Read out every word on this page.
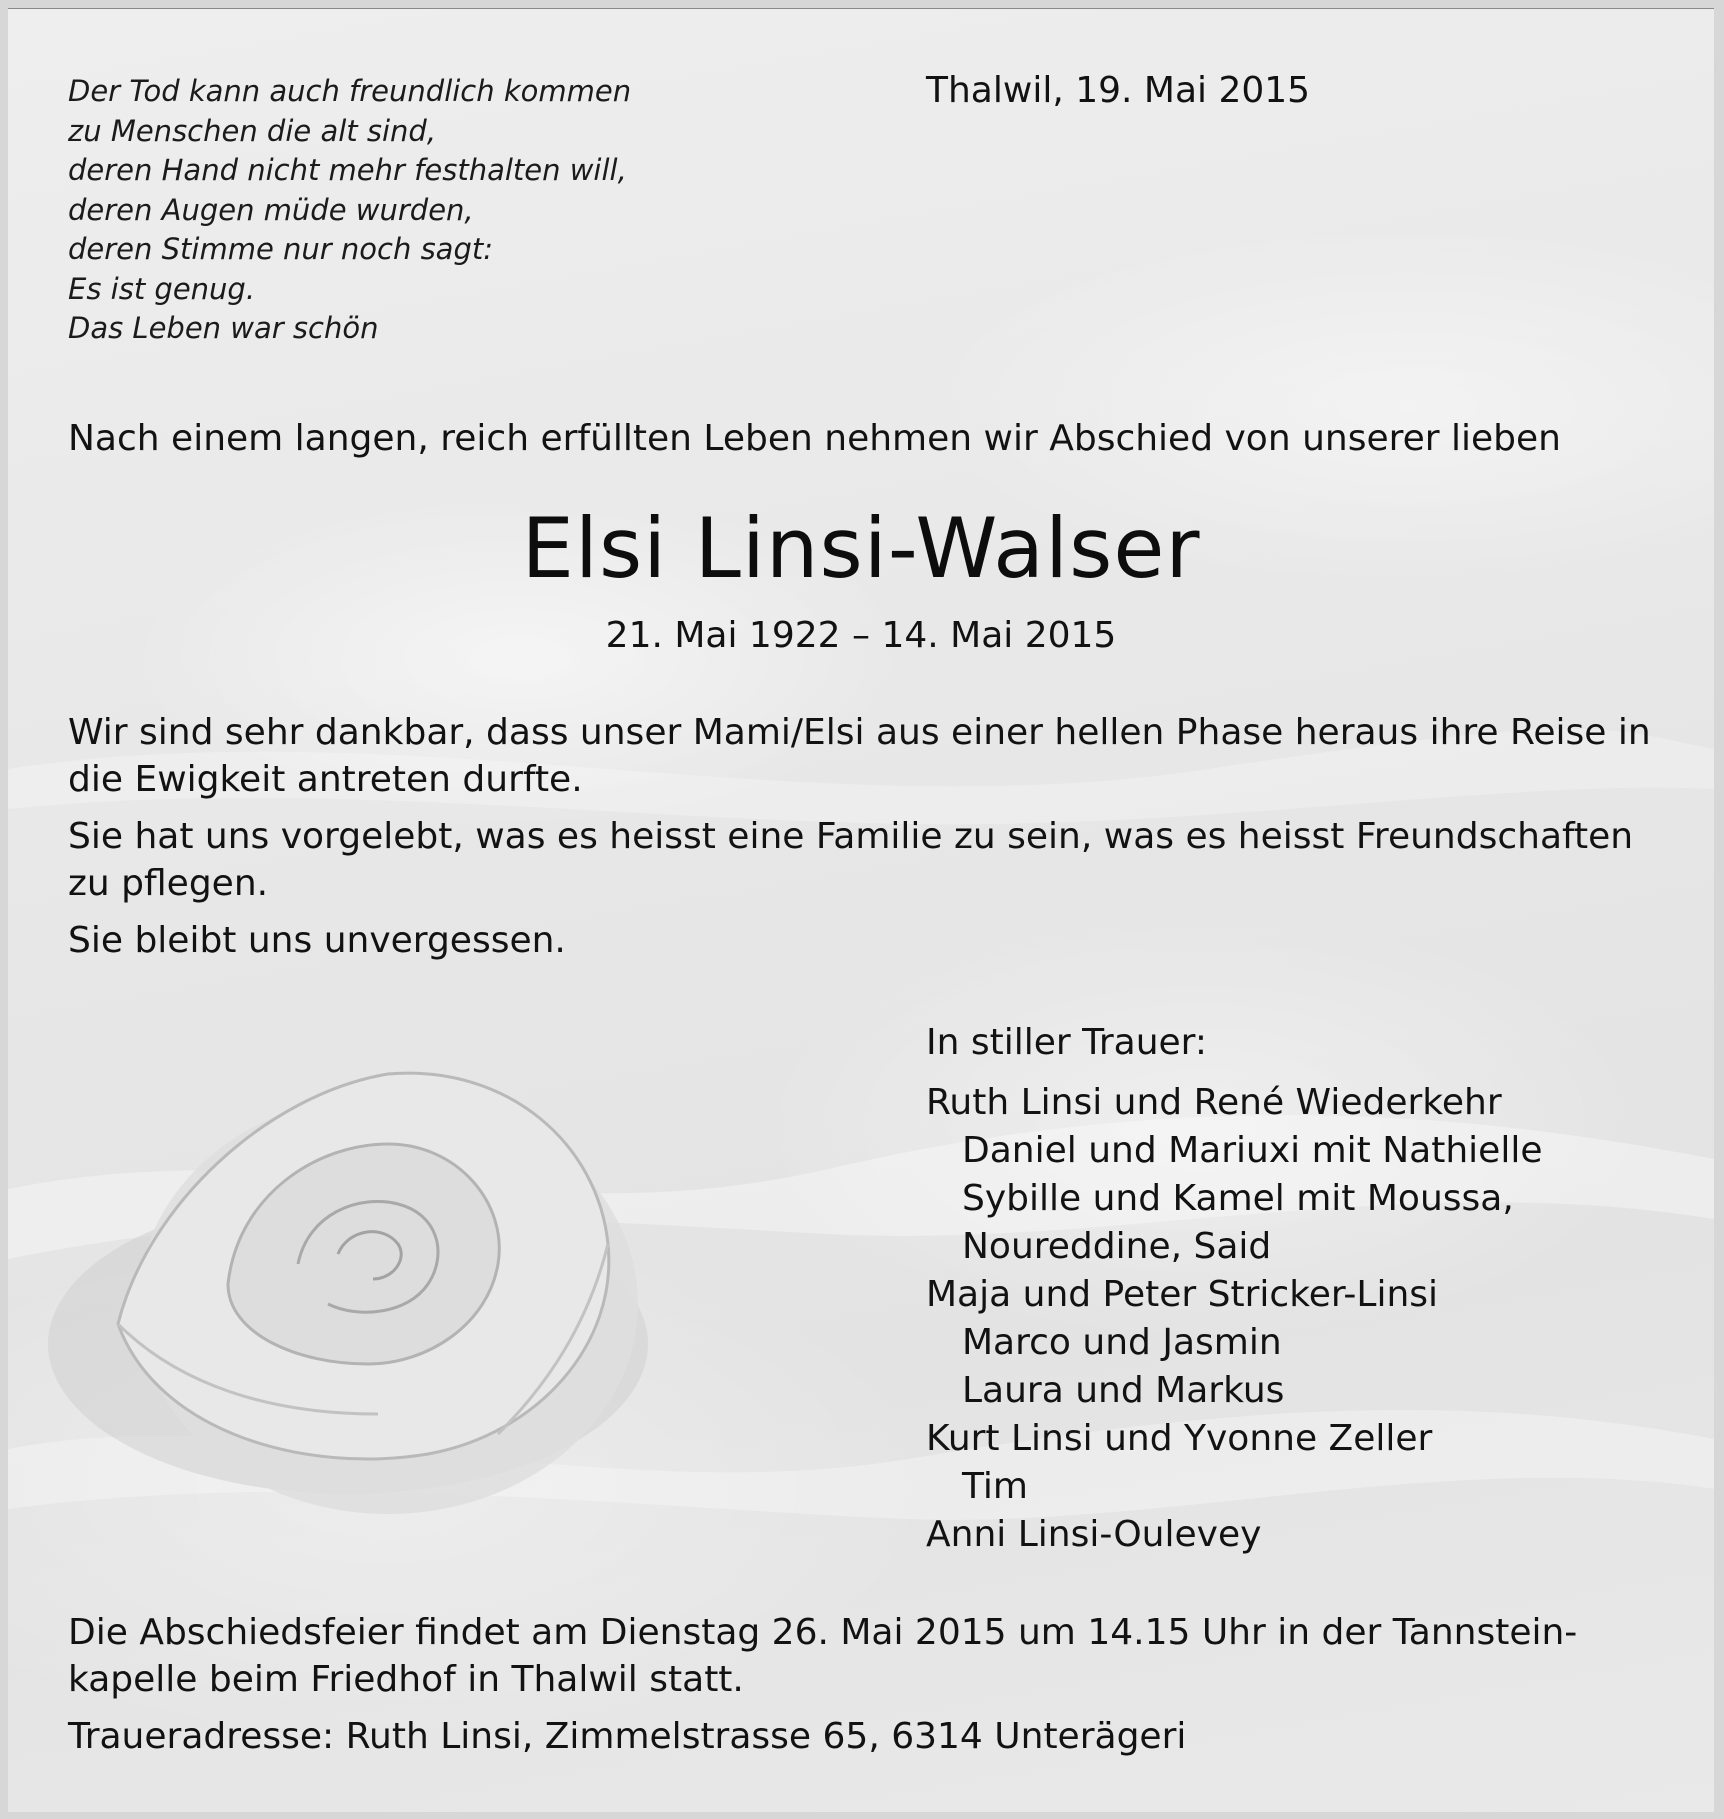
Der Tod kann auch freundlich kommen
zu Menschen die alt sind,
deren Hand nicht mehr festhalten will,
deren Augen müde wurden,
deren Stimme nur noch sagt:
Es ist genug.
Das Leben war schön
Thalwil, 19. Mai 2015
Nach einem langen, reich erfüllten Leben nehmen wir Abschied von unserer lieben
Elsi Linsi-Walser
21. Mai 1922 – 14. Mai 2015

Wir sind sehr dankbar, dass unser Mami/Elsi aus einer hellen Phase heraus ihre Reise in die Ewigkeit antreten durfte.

Sie hat uns vorgelebt, was es heisst eine Familie zu sein, was es heisst Freundschaften zu pflegen.

Sie bleibt uns unvergessen.

In stiller Trauer:
Ruth Linsi und René Wiederkehr
Daniel und Mariuxi mit Nathielle
Sybille und Kamel mit Moussa,
Noureddine, Said
Maja und Peter Stricker-Linsi
Marco und Jasmin
Laura und Markus
Kurt Linsi und Yvonne Zeller
Tim
Anni Linsi-Oulevey

Die Abschiedsfeier findet am Dienstag 26. Mai 2015 um 14.15 Uhr in der Tannstein-kapelle beim Friedhof in Thalwil statt.

Traueradresse: Ruth Linsi, Zimmelstrasse 65, 6314 Unterägeri
